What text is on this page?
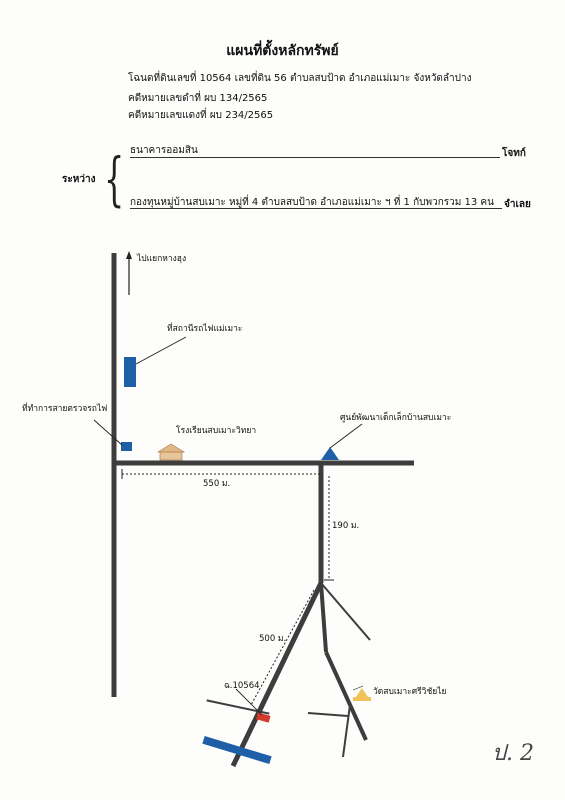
แผนที่ตั้งหลักทรัพย์
โฉนดที่ดินเลขที่ 10564 เลขที่ดิน 56 ตำบลสบป้าด อำเภอแม่เมาะ จังหวัดลำปาง
คดีหมายเลขดำที่ ผบ 134/2565
คดีหมายเลขแดงที่ ผบ 234/2565
ระหว่าง { ธนาคารออมสิน	โจทก์
กองทุนหมู่บ้านสบเมาะ หมู่ที่ 4 ตำบลสบป้าด อำเภอแม่เมาะ ฯ ที่ 1 กับพวกรวม 13 คน จำเลย
ไปแยกหางฮุง
ที่สถานีรถไฟแม่เมาะ
ที่ทำการสายตรวจรถไฟ
โรงเรียนสบเมาะวิทยา
ศูนย์พัฒนาเด็กเล็กบ้านสบเมาะ
550 ม.
190 ม.
500 ม.
ฉ.10564
วัดสบเมาะศรีวิชัยไย
ป. 2
